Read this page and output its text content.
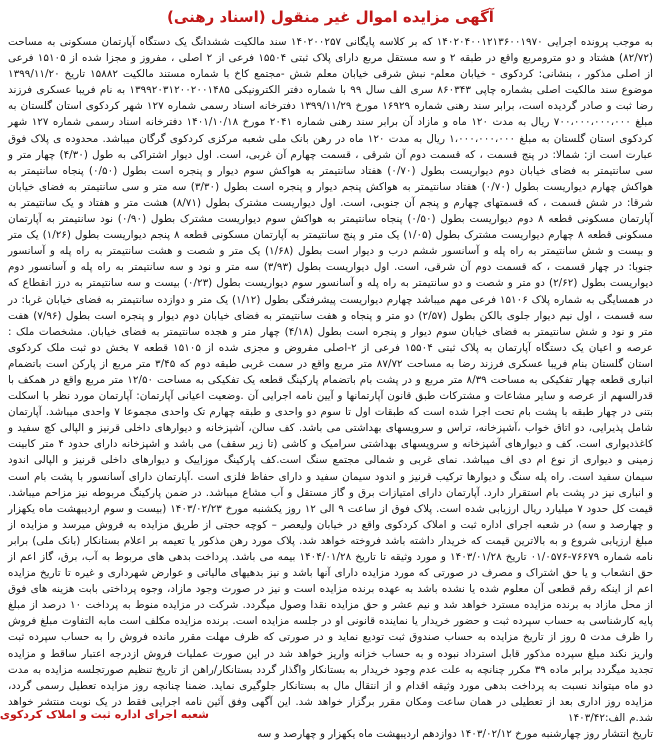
آگهی مزایده اموال غیر منقول (اسناد رهنی)

به موجب پرونده اجرایی ۱۴۰۲۰۴۰۰۱۲۱۳۶۰۰۱۹۷۰ که بر کلاسه پایگانی ۱۴۰۲۰۰۲۵۷ سند مالکیت ششدانگ یک دستگاه آپارتمان مسکونی به مساحت (۸۲/۷۲) هشتاد و دو مترومربع واقع در طبقه ۲ و سه مستقل مربع دارای پلاک ثبتی ۱۵۵۰۴ فرعی از ۲ اصلی ، مفروز و مجزا شده از ۱۵۱۰۵ فرعی از اصلی مذکور ، بنشانی: کردکوی - خیابان معلم- نبش شرقی خیابان معلم شش -مجتمع کاخ با شماره مستند مالکیت ۱۵۸۸۲ تاریخ ۱۳۹۹/۱۱/۲۰ موضوع سند مالکیت اصلی بشماره چاپی ۸۶۰۳۴۳ سری الف سال ۹۹ با شماره دفتر الکترونیکی ۱۳۹۹۲۰۳۱۲۰۰۲۰۰۱۴۸۵ به نام فریبا عسکری فرزند رضا ثبت و صادر گردیده است، برابر سند رهنی شماره ۱۶۹۲۹ مورخ ۱۳۹۹/۱۱/۲۹ دفترخانه اسناد رسمی شماره ۱۲۷ شهر کردکوی استان گلستان به مبلغ ۷۰۰،۰۰۰،۰۰۰،۰۰۰ ریال به مدت ۱۲۰ ماه و مازاد آن برابر سند رهنی شماره ۲۰۴۱ مورخ ۱۴۰۱/۱۰/۱۸ دفترخانه اسناد رسمی شماره ۱۲۷ شهر کردکوی استان گلستان به مبلغ ۱،۰۰۰،۰۰۰،۰۰۰ ریال به مدت ۱۲۰ ماه در رهن بانک ملی شعبه مرکزی کردکوی گرگان میباشد. محدوده ی پلاک فوق عبارت است از: شمالا: در پنج قسمت ، که قسمت دوم آن شرقی ، قسمت چهارم آن غربی، است. اول دیوار اشتراکی به طول (۴/۳۰) چهار متر و سی سانتیمتر به فضای خیابان دوم دیواریست بطول (۰/۷۰) هفتاد سانتیمتر به هواکش سوم دیوار و پنجره است بطول (۰/۵۰) پنجاه سانتیمتر به هواکش چهارم دیواریست بطول (۰/۷۰) هفتاد سانتیمتر به هواکش پنجم دیوار و پنجره است بطول (۳/۳۰) سه متر و سی سانتیمتر به فضای خیابان شرقا: در شش قسمت ، که قسمتهای چهارم و پنجم آن جنوبی، است. اول دیواریست مشترک بطول (۸/۷۱) هشت متر و هفتاد و یک سانتیمتر به آپارتمان مسکونی قطعه ۸ دوم دیواریست بطول (۰/۵۰) پنجاه سانتیمتر به هواکش سوم دیواریست مشترک بطول (۰/۹۰) نود سانتیمتر به آپارتمان مسکونی قطعه ۸ چهارم دیواریست مشترک بطول (۱/۰۵) یک متر و پنج سانتیمتر به آپارتمان مسکونی قطعه ۸ پنجم دیواریست بطول (۱/۲۶) یک متر و بیست و شش سانتیمتر به راه پله و آسانسور ششم درب و دیوار است بطول (۱/۶۸) یک متر و شصت و هشت سانتیمتر به راه پله و آسانسور جنوبا: در چهار قسمت ، که قسمت دوم آن شرقی، است. اول دیواریست بطول (۳/۹۳) سه متر و نود و سه سانتیمتر به راه پله و آسانسور دوم دیواریست بطول (۲/۶۲) دو متر و شصت و دو سانتیمتر به راه پله و آسانسور سوم دیواریست بطول (۰/۲۳) بیست و سه سانتیمتر به درز انقطاع که در همسایگی به شماره پلاک ۱۵۱۰۶ فرعی مهم میباشد چهارم دیواریست پیشرفتگی بطول (۱/۱۲) یک متر و دوازده سانتیمتر به فضای خیابان غربا: در سه قسمت ، اول نیم دیوار جلوی بالکن بطول (۲/۵۷) دو متر و پنجاه و هفت سانتیمتر به فضای خیابان دوم دیوار و پنجره است بطول (۷/۹۶) هفت متر و نود و شش سانتیمتر به فضای خیابان سوم دیوار و پنجره است بطول (۴/۱۸) چهار متر و هجده سانتیمتر به فضای خیابان. مشخصات ملک : عرصه و اعیان یک دستگاه آپارتمان به پلاک ثبتی ۱۵۵۰۴ فرعی از ۲-اصلی مفروض و مجزی شده از ۱۵۱۰۵ قطعه ۷ بخش دو ثبت ملک کردکوی استان گلستان بنام فریبا عسکری فرزند رضا به مساحت ۸۷/۷۲ متر مربع واقع در سمت غربی طبقه دوم که ۳/۴۵ متر مربع از پارکن است باتضمام انباری قطعه چهار تفکیکی به مساحت ۸/۳۹ متر مربع و در پشت بام باتضمام پارکینگ قطعه یک تفکیکی به مساحت ۱۲/۵۰ متر مربع واقع در همکف با قدرالسهم از عرصه و سایر مشاعات و مشترکات طبق قانون آپارتمانها و آیین نامه اجرایی آن .وضعیت اعیانی آپارتمان: آپارتمان مورد نظر با اسکلت بتنی در چهار طبقه با پشت بام تحت اجرا شده است که طبقات اول تا سوم دو واحدی و طبقه چهارم تک واحدی مجموعا ۷ واحدی میباشد. آپارتمان شامل پذیرایی، دو اتاق خواب ،آشپزخانه، تراس و سرویسهای بهداشتی می باشد. کف سالن، آشپزخانه و دیوارهای داخلی قرنیز و الپالی کچ سفید و کاغذدیواری است. کف و دیوارهای آشپزخانه و سرویسهای بهداشتی سرامیک و کاشی (تا زیر سقف) می باشد و اشپزخانه دارای حدود ۴ متر کابینت زمینی و دیواری از نوع ام دی اف میباشد. نمای غربی و شمالی مجتمع سنگ است.کف پارکینگ موزاییک و دیوارهای داخلی قرنیز و الپالی اندود سیمان سفید است. راه پله سنگ و دیوارها ترکیب قرنیز و اندود سیمان سفید و دارای حفاظ فلزی است .آپارتمان دارای آسانسور با پشت بام است و انباری نیز در پشت بام استقرار دارد. آپارتمان دارای امتیازات برق و گاز مستقل و آب مشاع میباشد. در ضمن پارکینگ مربوطه نیز مزاحم میباشد. قیمت کل حدود ۷ میلیارد ریال ارزیابی شده است. پلاک فوق از ساعت ۹ الی ۱۲ روز یکشنبه مورخ ۱۴۰۳/۰۲/۲۳ (بیست و سوم اردیبهشت ماه یکهزار و چهارصد و سه) در شعبه اجرای اداره ثبت و املاک کردکوی واقع در خیابان ولیعصر – کوچه حجتی از طریق مزایده به فروش میرسد و مزایده از مبلغ ارزیابی شروع و به بالاترین قیمت که خریدار داشته باشد فروخته خواهد شد. پلاک مورد رهن مذکور یا تعیمه بر اعلام بستانکار (بانک ملی) برابر نامه شماره ۷۶۶۷۹-۰۱/۰۵۷۶ تاریخ ۱۴۰۳/۰۱/۲۸ و مورد وثیقه تا تاریخ ۱۴۰۴/۰۱/۲۸ بیمه می باشد. پرداخت بدهی های مربوط به آب، برق، گاز اعم از حق انشعاب و یا حق اشتراک و مصرف در صورتی که مورد مزایده دارای آنها باشد و نیز بدهیهای مالیاتی و عوارض شهرداری و غیره تا تاریخ مزایده اعم از اینکه رقم قطعی آن معلوم شده یا نشده باشد به عهده برنده مزایده است و نیز در صورت وجود مازاد، وجوه پرداختی بابت هزینه های فوق از محل مازاد به برنده مزایده مسترد خواهد شد و نیم عشر و حق مزایده نقدا وصول میگردد. شرکت در مزایده منوط به پرداخت ۱۰ درصد از مبلغ پایه کارشناسی به حساب سپرده ثبت و حضور خریدار یا نماینده قانونی او در جلسه مزایده است. برنده مزایده مکلف است مابه التفاوت مبلغ فروش را ظرف مدت ۵ روز از تاریخ مزایده به حساب صندوق ثبت تودیع نماید و در صورتی که ظرف مهلت مقرر مانده فروش را به حساب سپرده ثبت واریز نکند مبلغ سپرده مذکور قابل استرداد نبوده و به حساب خزانه واریز خواهد شد در این صورت عملیات فروش ازدرجه اعتبار ساقط و مزایده تجدید میگردد برابر ماده ۳۹ مکرر چنانچه به علت عدم وجود خریدار به بستانکار واگذار گردد بستانکار/راهن از تاریخ تنظیم صورتجلسه مزایده به مدت دو ماه میتواند نسبت به پرداخت بدهی مورد وثیقه اقدام و از انتقال مال به بستانکار جلوگیری نماید. ضمنا چنانچه روز مزایده تعطیل رسمی گردد، مزایده روز اداری بعد از تعطیلی در همان ساعت ومکان مقرر برگزار خواهد شد. این آگهی وفق آئین نامه اجرایی فقط در یک نوبت منتشر خواهد شد.م الف:۱۴۰۳/۴۲

تاریخ انتشار روز چهارشنبه مورخ ۱۴۰۳/۰۲/۱۲ دوازدهم اردیبهشت ماه یکهزار و چهارصد و سه

شعبه اجرای اداره ثبت و املاک کردکوی
